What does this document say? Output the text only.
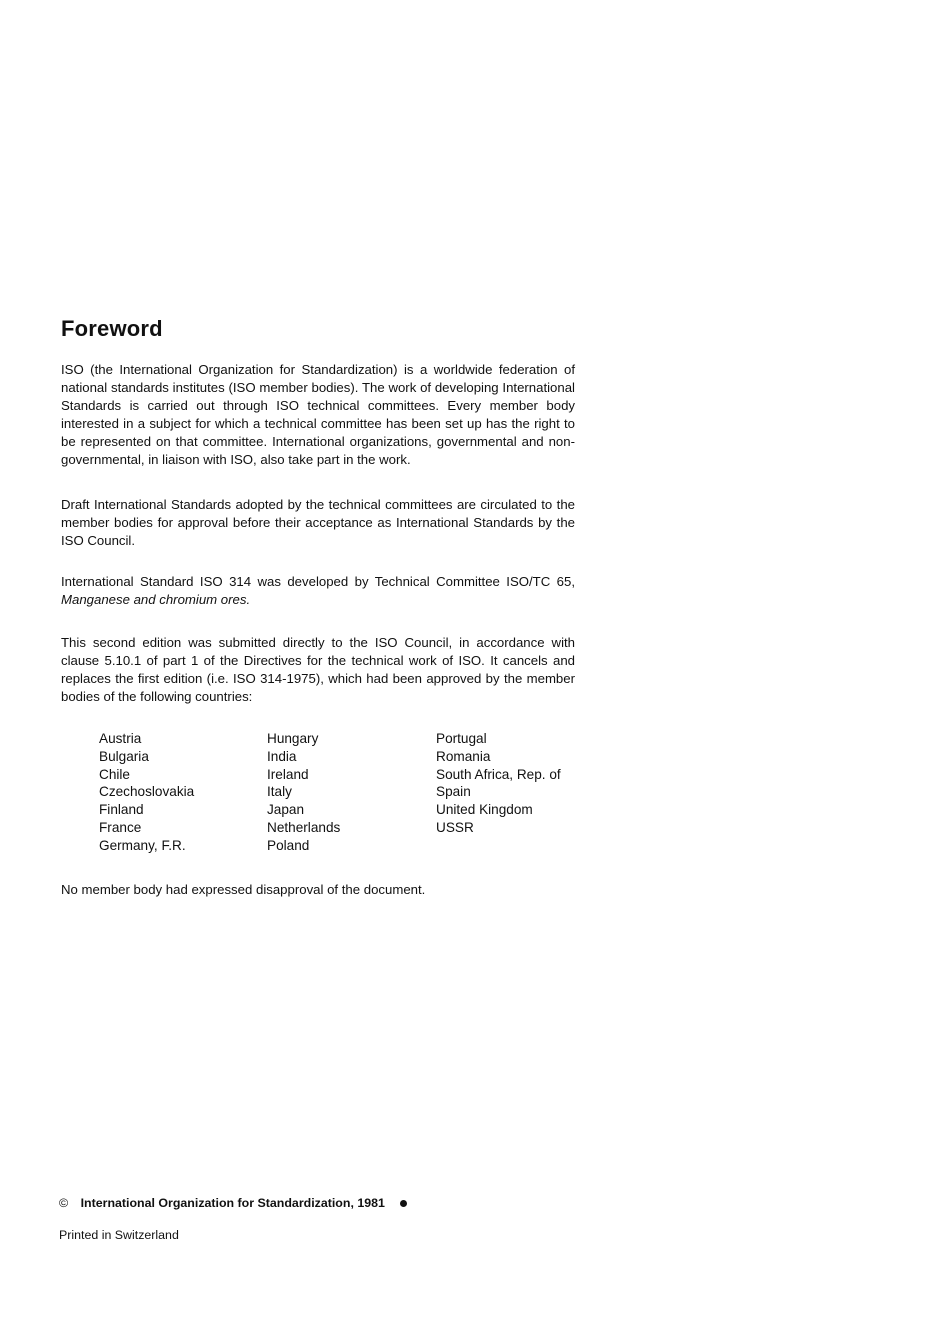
Foreword

ISO (the International Organization for Standardization) is a worldwide federation of national standards institutes (ISO member bodies). The work of developing International Standards is carried out through ISO technical committees. Every member body interested in a subject for which a technical committee has been set up has the right to be represented on that committee. International organizations, governmental and non-governmental, in liaison with ISO, also take part in the work.

Draft International Standards adopted by the technical committees are circulated to the member bodies for approval before their acceptance as International Standards by the ISO Council.

International Standard ISO 314 was developed by Technical Committee ISO/TC 65, Manganese and chromium ores.

This second edition was submitted directly to the ISO Council, in accordance with clause 5.10.1 of part 1 of the Directives for the technical work of ISO. It cancels and replaces the first edition (i.e. ISO 314-1975), which had been approved by the member bodies of the following countries:

Austria
Bulgaria
Chile
Czechoslovakia
Finland
France
Germany, F.R.
Hungary
India
Ireland
Italy
Japan
Netherlands
Poland
Portugal
Romania
South Africa, Rep. of
Spain
United Kingdom
USSR

No member body had expressed disapproval of the document.

© International Organization for Standardization, 1981
Printed in Switzerland
